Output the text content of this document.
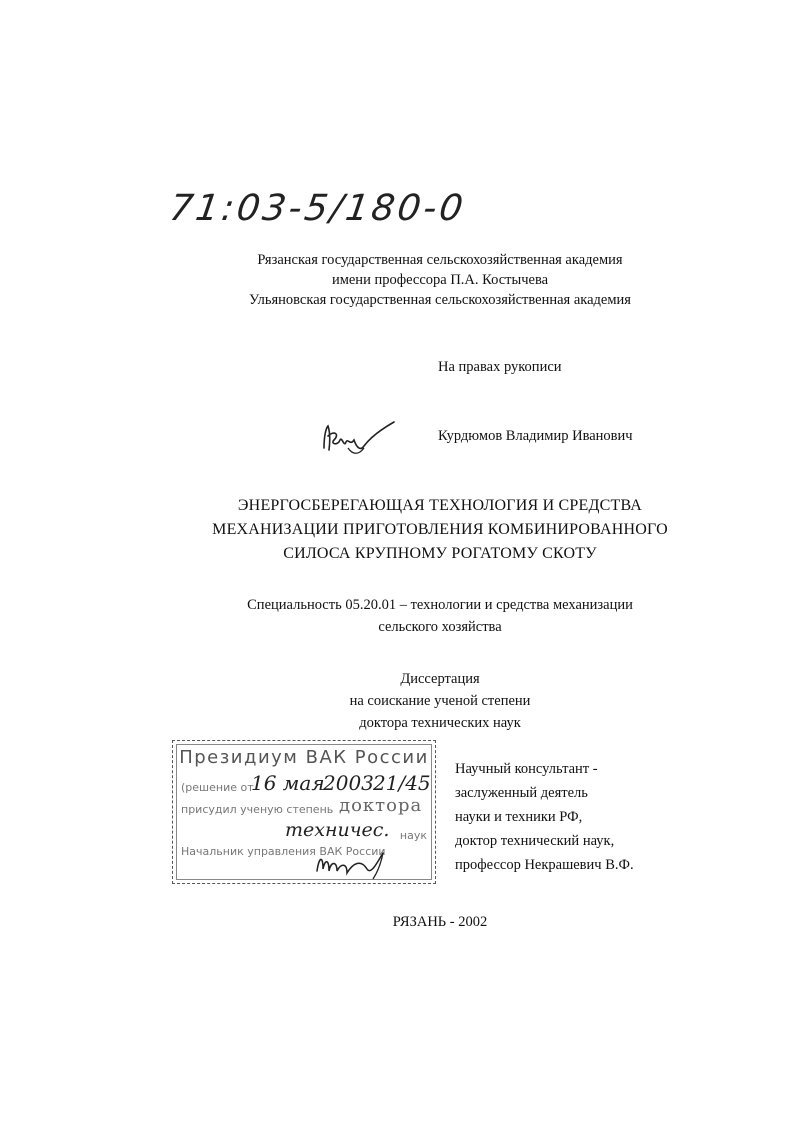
71:03-5/180-0
Рязанская государственная сельскохозяйственная академия
имени профессора П.А. Костычева
Ульяновская государственная сельскохозяйственная академия
На правах рукописи
Курдюмов Владимир Иванович
ЭНЕРГОСБЕРЕГАЮЩАЯ ТЕХНОЛОГИЯ И СРЕДСТВА
МЕХАНИЗАЦИИ ПРИГОТОВЛЕНИЯ КОМБИНИРОВАННОГО
СИЛОСА КРУПНОМУ РОГАТОМУ СКОТУ
Специальность 05.20.01 – технологии и средства механизации
сельского хозяйства
Диссертация
на соискание ученой степени
доктора технических наук
Президиум ВАК России
(решение от
16 мая
2003 21/45
присудил ученую степень доктора
техничес. наук
Начальник управления ВАК России
Научный консультант -
заслуженный деятель
науки и техники РФ,
доктор технический наук,
профессор Некрашевич В.Ф.
РЯЗАНЬ - 2002
